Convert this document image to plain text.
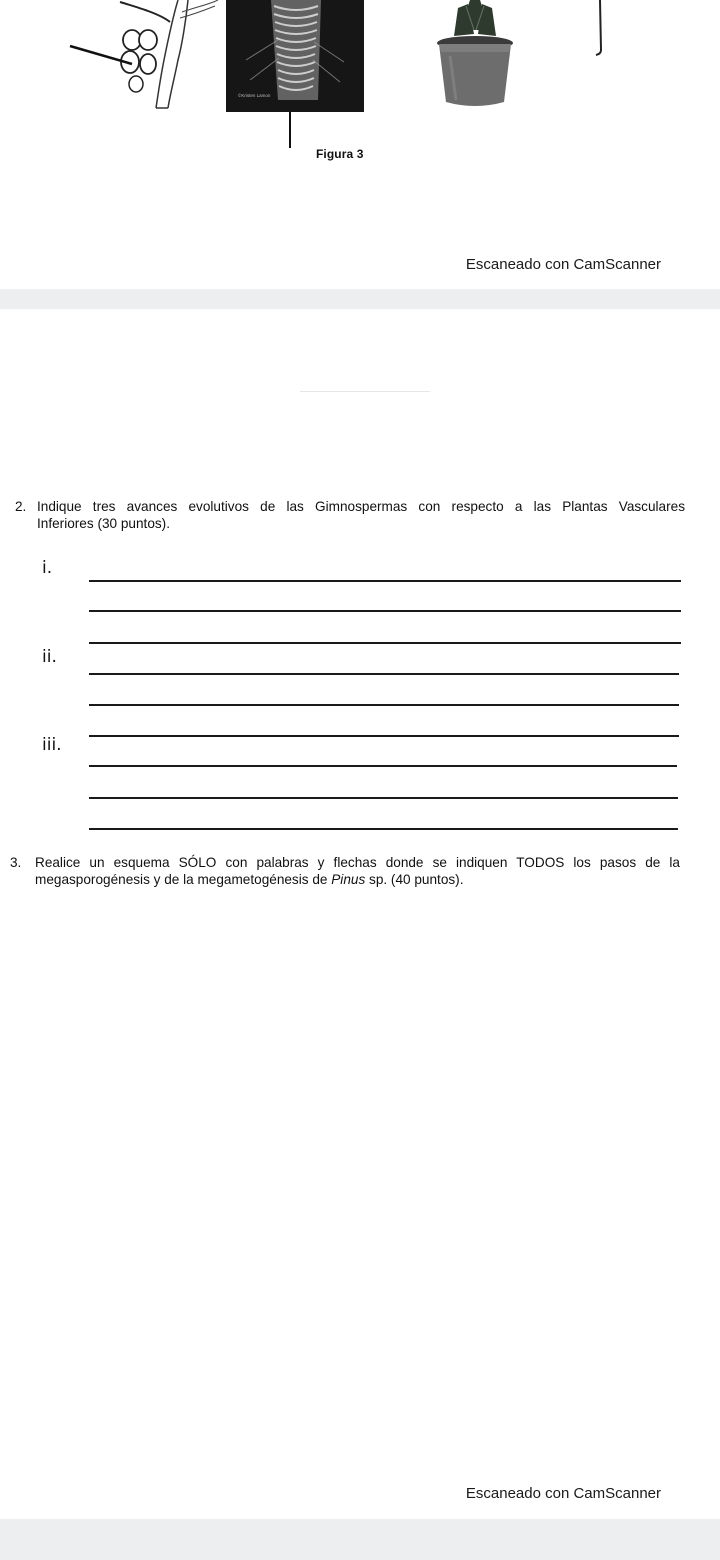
©Kristen Lamon
Figura 3
Escaneado con CamScanner
2. Indique tres avances evolutivos de las Gimnospermas con respecto a las Plantas Vasculares
Inferiores (30 puntos).
i.
ii.
iii.
3. Realice un esquema SÓLO con palabras y flechas donde se indiquen TODOS los pasos de la
megasporogénesis y de la megametogénesis de Pinus sp. (40 puntos).
Escaneado con CamScanner
